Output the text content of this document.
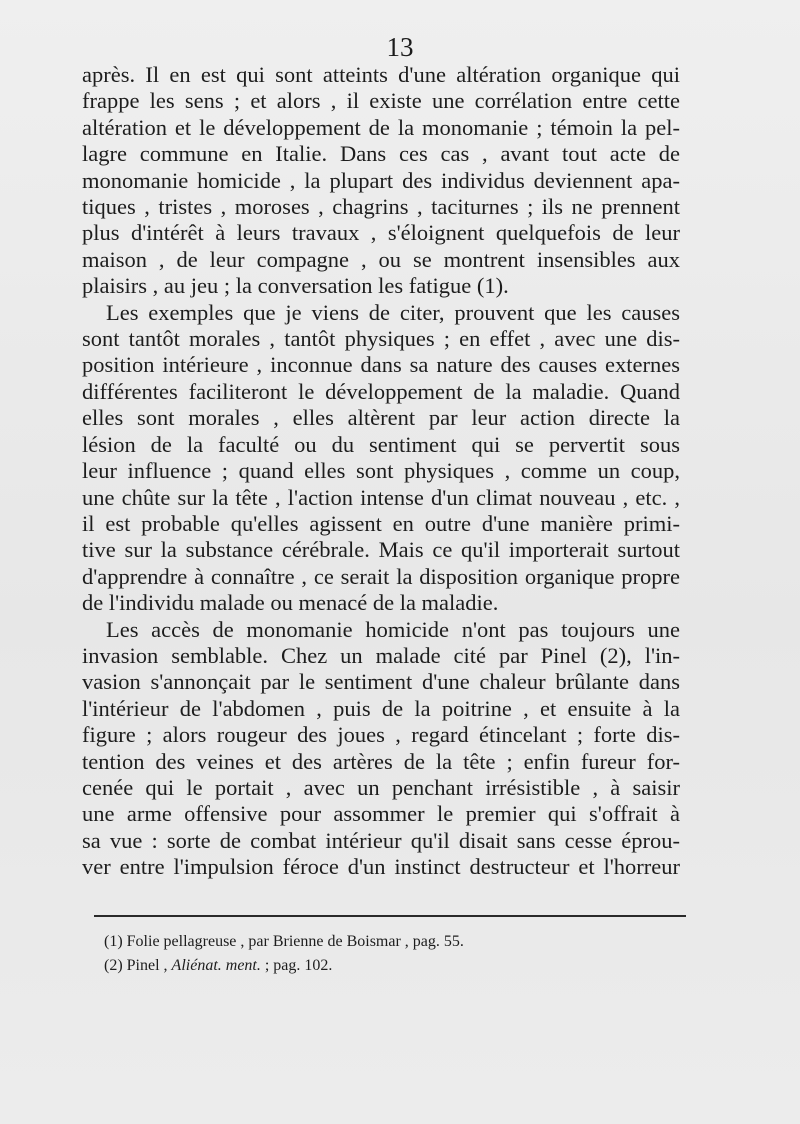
13
après. Il en est qui sont atteints d'une altération organique qui
frappe les sens ; et alors , il existe une corrélation entre cette
altération et le développement de la monomanie ; témoin la pel-
lagre commune en Italie. Dans ces cas , avant tout acte de
monomanie homicide , la plupart des individus deviennent apa-
tiques , tristes , moroses , chagrins , taciturnes ; ils ne prennent
plus d'intérêt à leurs travaux , s'éloignent quelquefois de leur
maison , de leur compagne , ou se montrent insensibles aux
plaisirs , au jeu ; la conversation les fatigue (1).
Les exemples que je viens de citer, prouvent que les causes
sont tantôt morales , tantôt physiques ; en effet , avec une dis-
position intérieure , inconnue dans sa nature des causes externes
différentes faciliteront le développement de la maladie. Quand
elles sont morales , elles altèrent par leur action directe la
lésion de la faculté ou du sentiment qui se pervertit sous
leur influence ; quand elles sont physiques , comme un coup,
une chûte sur la tête , l'action intense d'un climat nouveau , etc. ,
il est probable qu'elles agissent en outre d'une manière primi-
tive sur la substance cérébrale. Mais ce qu'il importerait surtout
d'apprendre à connaître , ce serait la disposition organique propre
de l'individu malade ou menacé de la maladie.
Les accès de monomanie homicide n'ont pas toujours une
invasion semblable. Chez un malade cité par Pinel (2), l'in-
vasion s'annonçait par le sentiment d'une chaleur brûlante dans
l'intérieur de l'abdomen , puis de la poitrine , et ensuite à la
figure ; alors rougeur des joues , regard étincelant ; forte dis-
tention des veines et des artères de la tête ; enfin fureur for-
cenée qui le portait , avec un penchant irrésistible , à saisir
une arme offensive pour assommer le premier qui s'offrait à
sa vue : sorte de combat intérieur qu'il disait sans cesse éprou-
ver entre l'impulsion féroce d'un instinct destructeur et l'horreur
(1) Folie pellagreuse , par Brienne de Boismar , pag. 55.
(2) Pinel , Aliénat. ment. ; pag. 102.
